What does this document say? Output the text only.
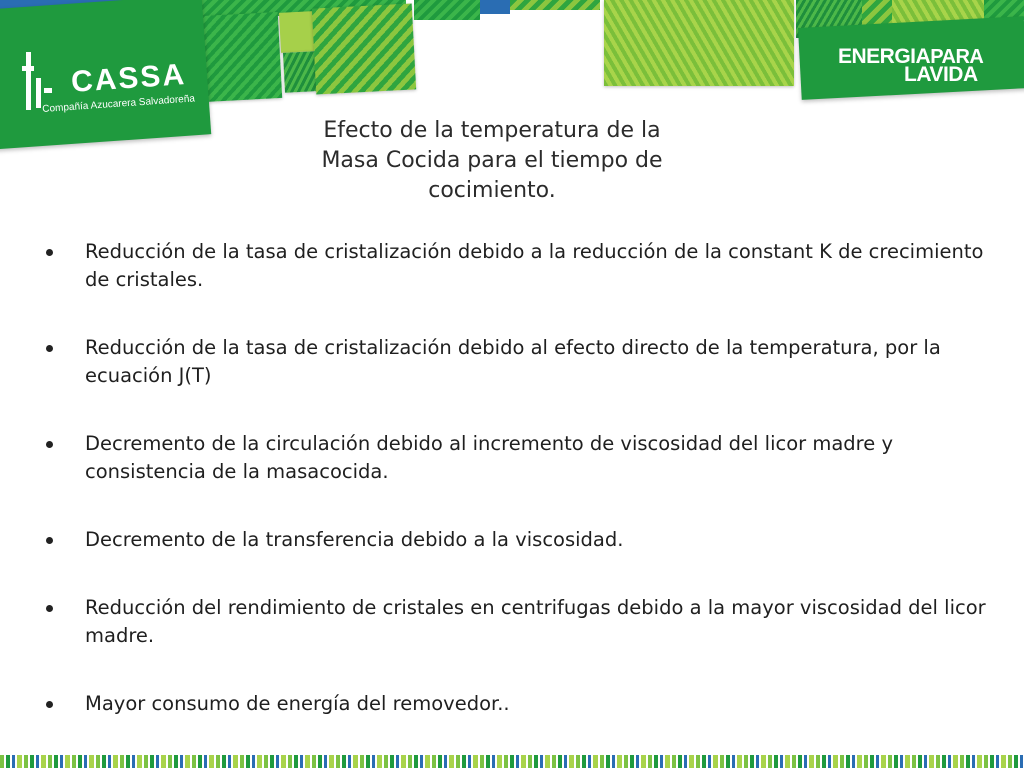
CASSA
Compañía Azucarera Salvadoreña
ENERGIAPARA
LAVIDA
Efecto de la temperatura de la
Masa Cocida para el tiempo de
cocimiento.
Reducción de la tasa de cristalización debido a la reducción de la constant K de crecimiento de cristales.
Reducción de la tasa de cristalización debido al efecto directo de la temperatura, por la ecuación J(T)
Decremento de la circulación debido al incremento de viscosidad del licor madre y consistencia de la masacocida.
Decremento de la transferencia debido a la viscosidad.
Reducción del rendimiento de cristales en centrifugas debido a la mayor viscosidad del licor madre.
Mayor consumo de energía del removedor..
